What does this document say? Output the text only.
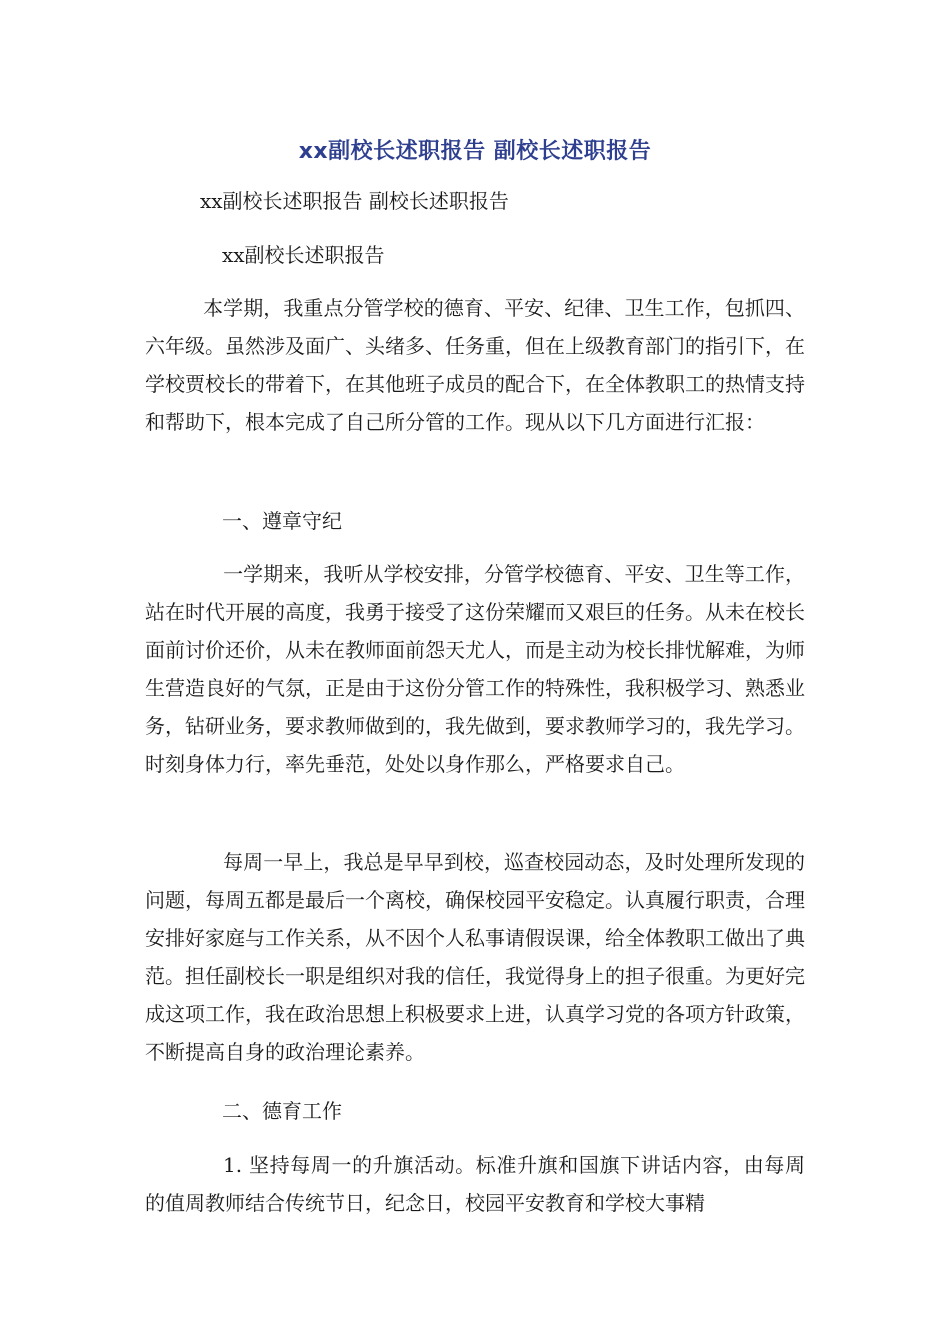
xx副校长述职报告 副校长述职报告
xx副校长述职报告 副校长述职报告
xx副校长述职报告
本学期，我重点分管学校的德育、平安、纪律、卫生工作，包抓四、六年级。虽然涉及面广、头绪多、任务重，但在上级教育部门的指引下，在学校贾校长的带着下，在其他班子成员的配合下，在全体教职工的热情支持和帮助下，根本完成了自己所分管的工作。现从以下几方面进行汇报：
一、遵章守纪
一学期来，我听从学校安排，分管学校德育、平安、卫生等工作，站在时代开展的高度，我勇于接受了这份荣耀而又艰巨的任务。从未在校长面前讨价还价，从未在教师面前怨天尤人，而是主动为校长排忧解难，为师生营造良好的气氛，正是由于这份分管工作的特殊性，我积极学习、熟悉业务，钻研业务，要求教师做到的，我先做到，要求教师学习的，我先学习。时刻身体力行，率先垂范，处处以身作那么，严格要求自己。
每周一早上，我总是早早到校，巡查校园动态，及时处理所发现的问题，每周五都是最后一个离校，确保校园平安稳定。认真履行职责，合理安排好家庭与工作关系，从不因个人私事请假误课，给全体教职工做出了典范。担任副校长一职是组织对我的信任，我觉得身上的担子很重。为更好完成这项工作，我在政治思想上积极要求上进，认真学习党的各项方针政策，不断提高自身的政治理论素养。
二、德育工作
1. 坚持每周一的升旗活动。标准升旗和国旗下讲话内容，由每周的值周教师结合传统节日，纪念日，校园平安教育和学校大事精
